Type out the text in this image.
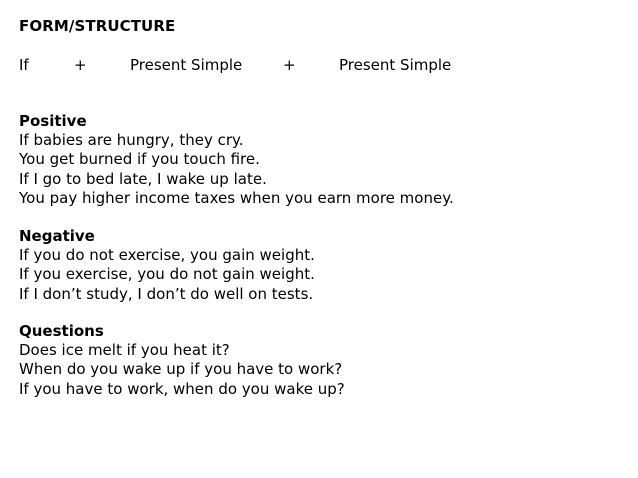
FORM/STRUCTURE
If	+	Present Simple	+	Present Simple
Positive
If babies are hungry, they cry.
You get burned if you touch fire.
If I go to bed late, I wake up late.
You pay higher income taxes when you earn more money.
Negative
If you do not exercise, you gain weight.
If you exercise, you do not gain weight.
If I don’t study, I don’t do well on tests.
Questions
Does ice melt if you heat it?
When do you wake up if you have to work?
If you have to work, when do you wake up?
